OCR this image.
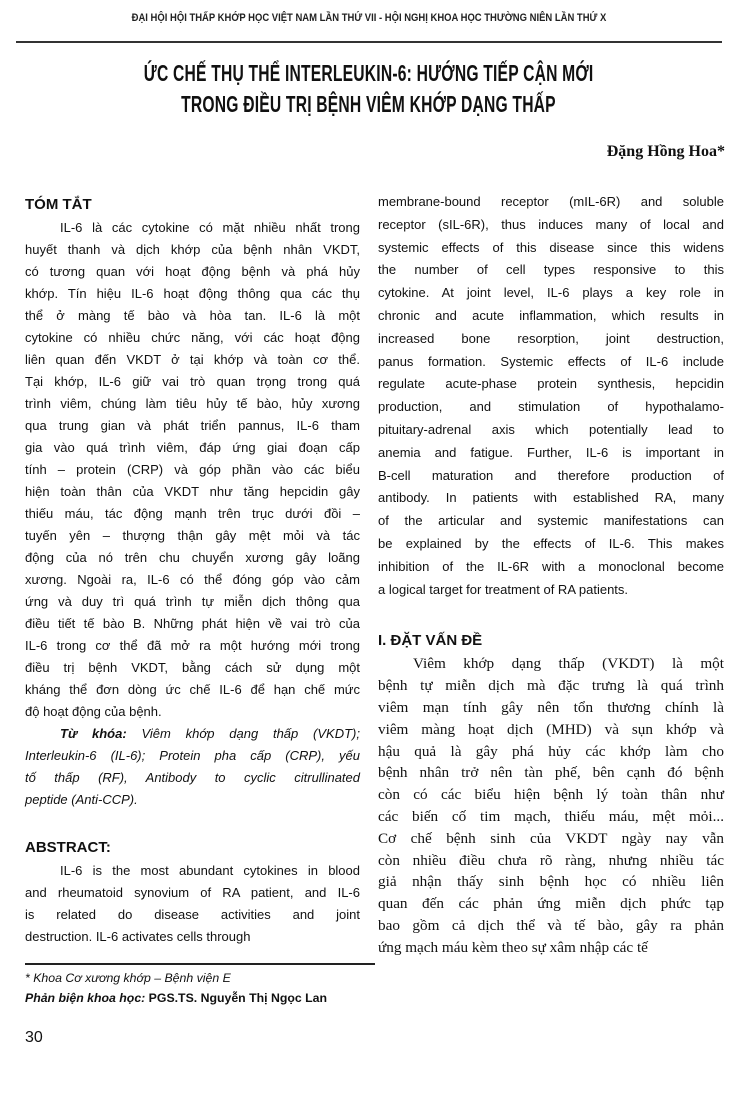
ĐẠI HỘI HỘI THẤP KHỚP HỌC VIỆT NAM LẦN THỨ VII - HỘI NGHỊ KHOA HỌC THƯỜNG NIÊN LẦN THỨ X
ỨC CHẾ THỤ THỂ INTERLEUKIN-6: HƯỚNG TIẾP CẬN MỚI
TRONG ĐIỀU TRỊ BỆNH VIÊM KHỚP DẠNG THẤP
Đặng Hồng Hoa*
TÓM TẮT
IL-6 là các cytokine có mặt nhiều nhất trong
huyết thanh và dịch khớp của bệnh nhân VKDT,
có tương quan với hoạt động bệnh và phá hủy
khớp. Tín hiệu IL-6 hoạt động thông qua các thụ
thể ở màng tế bào và hòa tan. IL-6 là một
cytokine có nhiều chức năng, với các hoạt động
liên quan đến VKDT ở tại khớp và toàn cơ thể.
Tại khớp, IL-6 giữ vai trò quan trọng trong quá
trình viêm, chúng làm tiêu hủy tế bào, hủy xương
qua trung gian và phát triển pannus, IL-6 tham
gia vào quá trình viêm, đáp ứng giai đoạn cấp
tính – protein (CRP) và góp phần vào các biểu
hiện toàn thân của VKDT như tăng hepcidin gây
thiếu máu, tác động mạnh trên trục dưới đồi –
tuyến yên – thượng thận gây mệt mỏi và tác
động của nó trên chu chuyển xương gây loãng
xương. Ngoài ra, IL-6 có thể đóng góp vào cảm
ứng và duy trì quá trình tự miễn dịch thông qua
điều tiết tế bào B. Những phát hiện về vai trò của
IL-6 trong cơ thể đã mở ra một hướng mới trong
điều trị bệnh VKDT, bằng cách sử dụng một
kháng thể đơn dòng ức chế IL-6 để hạn chế mức
độ hoạt động của bệnh.
Từ khóa: Viêm khớp dạng thấp (VKDT);
Interleukin-6 (IL-6); Protein pha cấp (CRP), yếu
tố thấp (RF), Antibody to cyclic citrullinated
peptide (Anti-CCP).
ABSTRACT:
IL-6 is the most abundant cytokines in blood
and rheumatoid synovium of RA patient, and IL-6
is related do disease activities and joint
destruction. IL-6 activates cells through
membrane-bound receptor (mIL-6R) and soluble
receptor (sIL-6R), thus induces many of local and
systemic effects of this disease since this widens
the number of cell types responsive to this
cytokine. At joint level, IL-6 plays a key role in
chronic and acute inflammation, which results in
increased bone resorption, joint destruction,
panus formation. Systemic effects of IL-6 include
regulate acute-phase protein synthesis, hepcidin
production, and stimulation of hypothalamo-
pituitary-adrenal axis which potentially lead to
anemia and fatigue. Further, IL-6 is important in
B-cell maturation and therefore production of
antibody. In patients with established RA, many
of the articular and systemic manifestations can
be explained by the effects of IL-6. This makes
inhibition of the IL-6R with a monoclonal become
a logical target for treatment of RA patients.
I. ĐẶT VẤN ĐỀ
Viêm khớp dạng thấp (VKDT) là một
bệnh tự miễn dịch mà đặc trưng là quá trình
viêm mạn tính gây nên tổn thương chính là
viêm màng hoạt dịch (MHD) và sụn khớp và
hậu quả là gây phá hủy các khớp làm cho
bệnh nhân trở nên tàn phế, bên cạnh đó bệnh
còn có các biểu hiện bệnh lý toàn thân như
các biến cố tim mạch, thiếu máu, mệt mỏi...
Cơ chế bệnh sinh của VKDT ngày nay vẫn
còn nhiều điều chưa rõ ràng, nhưng nhiều tác
giả nhận thấy sinh bệnh học có nhiều liên
quan đến các phản ứng miễn dịch phức tạp
bao gồm cả dịch thể và tế bào, gây ra phản
ứng mạch máu kèm theo sự xâm nhập các tế
* Khoa Cơ xương khớp – Bệnh viện E
Phản biện khoa học: PGS.TS. Nguyễn Thị Ngọc Lan
30
